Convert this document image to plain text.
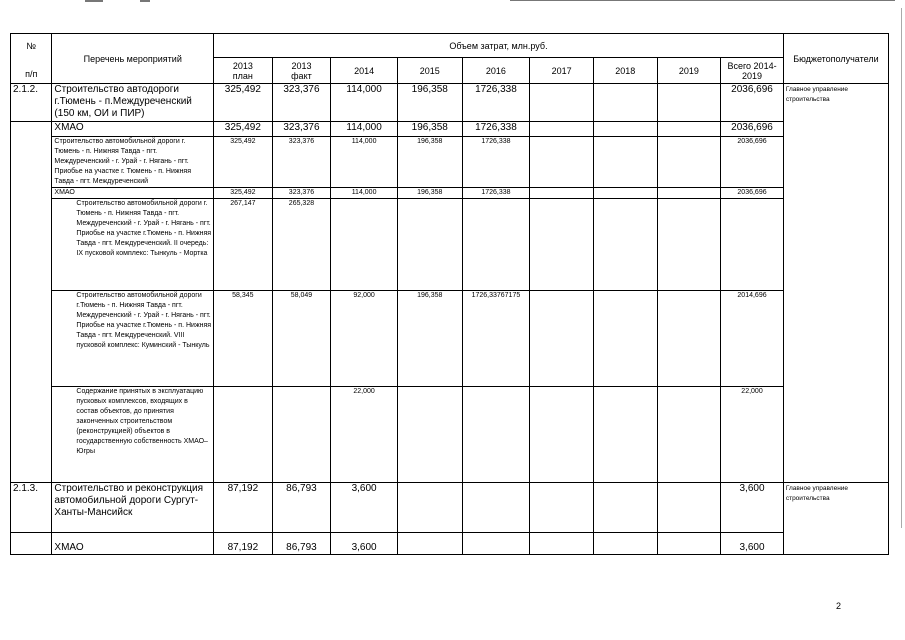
№	Перечень мероприятий	Объем затрат, млн.руб.									Бюджетополучатели
п/п		2013 план	2013 факт	2014	2015	2016	2017	2018	2019	Всего 2014-2019	
2.1.2.	Строительство автодороги г.Тюмень - п.Междуреченский (150 км, ОИ и ПИР)	325,492	323,376	114,000	196,358	1726,338				2036,696	Главное управление строительства
	ХМАО	325,492	323,376	114,000	196,358	1726,338				2036,696	
	Строительство автомобильной дороги г. Тюмень - п. Нижняя Тавда - пгт. Междуреченский - г. Урай - г. Нягань - пгт. Приобье на участке г. Тюмень - п. Нижняя Тавда - пгт. Междуреченский	325,492	323,376	114,000	196,358	1726,338				2036,696	
	ХМАО	325,492	323,376	114,000	196,358	1726,338				2036,696	
	Строительство автомобильной дороги г. Тюмень - п. Нижняя Тавда - пгт. Междуреченский - г. Урай - г. Нягань - пгт. Приобье на участке г.Тюмень - п. Нижняя Тавда - пгт. Междуреченский. II очередь: IX пусковой комплекс: Тынкуль - Мортка	267,147	265,328								
	Строительство автомобильной дороги г.Тюмень - п. Нижняя Тавда - пгт. Междуреченский - г. Урай - г. Нягань - пгт. Приобье на участке г.Тюмень - п. Нижняя Тавда - пгт. Междуреченский. VIII пусковой комплекс: Куминский - Тынкуль	58,345	58,049	92,000	196,358	1726,33767175				2014,696	
	Содержание принятых в эксплуатацию пусковых комплексов, входящих в состав объектов, до принятия законченных строительством (реконструкцией) объектов в государственную собственность ХМАО–Югры			22,000						22,000	
2.1.3.	Строительство и реконструкция автомобильной дороги Сургут-Ханты-Мансийск	87,192	86,793	3,600						3,600	Главное управление строительства
	ХМАО	87,192	86,793	3,600						3,600	
2
